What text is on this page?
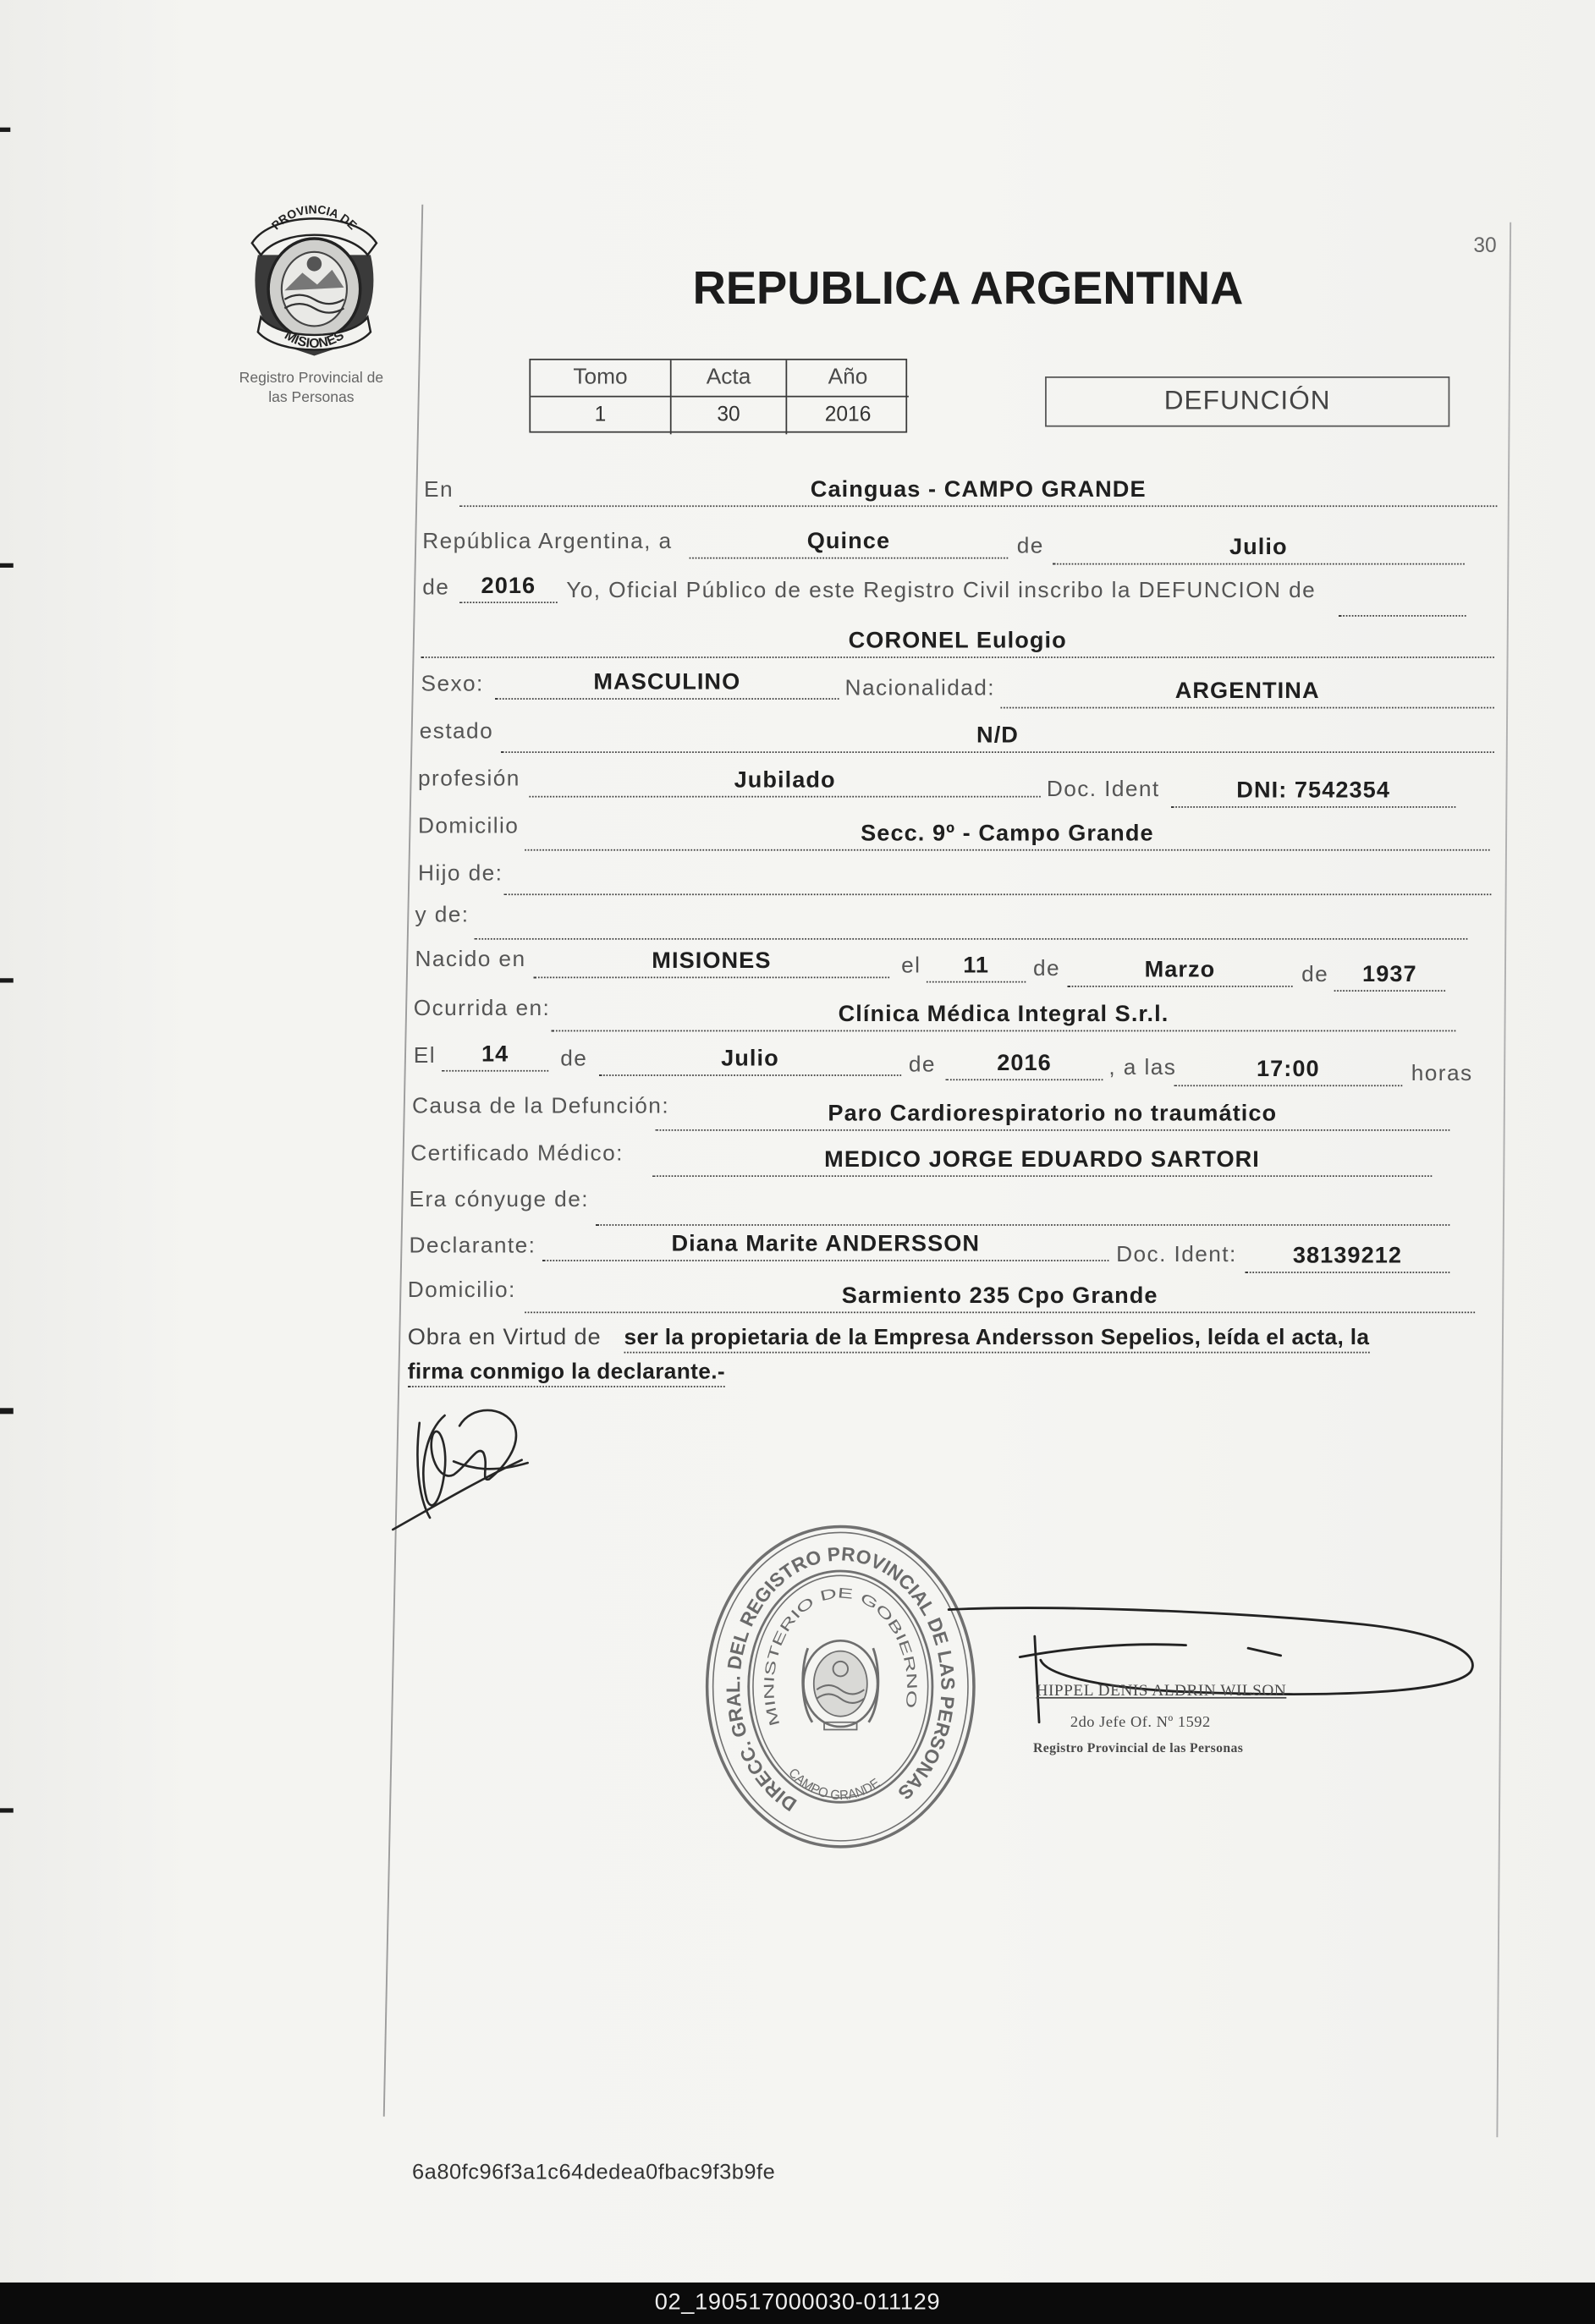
DIRECC. GRAL. DEL REGISTRO PROVINCIAL DE LAS PERSONAS
MINISTERIO DE GOBIERNO
CAMPO GRANDE
PROVINCIA DE
MISIONES
Registro Provincial de
las Personas
30
REPUBLICA ARGENTINA
Tomo	Acta	Año
1	30	2016	DEFUNCIÓN
En	Cainguas - CAMPO GRANDE
República Argentina, a	Quince	de	Julio
de	2016	Yo, Oficial Público de este Registro Civil inscribo la DEFUNCION de
CORONEL Eulogio
Sexo:	MASCULINO	Nacionalidad:	ARGENTINA
estado	N/D
profesión	Jubilado	Doc. Ident	DNI: 7542354
Domicilio	Secc. 9º - Campo Grande
Hijo de:
y de:
Nacido en	MISIONES	el	11	de	Marzo	de	1937
Ocurrida en:	Clínica Médica Integral S.r.l.
El	14	de	Julio	de	2016	, a las	17:00	horas
Causa de la Defunción:	Paro Cardiorespiratorio no traumático
Certificado Médico:	MEDICO JORGE EDUARDO SARTORI
Era cónyuge de:
Declarante:	Diana Marite ANDERSSON	Doc. Ident:	38139212
Domicilio:	Sarmiento 235 Cpo Grande
Obra en Virtud de ser la propietaria de la Empresa Andersson Sepelios, leída el acta, la
firma conmigo la declarante.-
HIPPEL DENIS ALDRIN WILSON
2do Jefe Of. Nº 1592
Registro Provincial de las Personas
6a80fc96f3a1c64dedea0fbac9f3b9fe
02_190517000030-011129
